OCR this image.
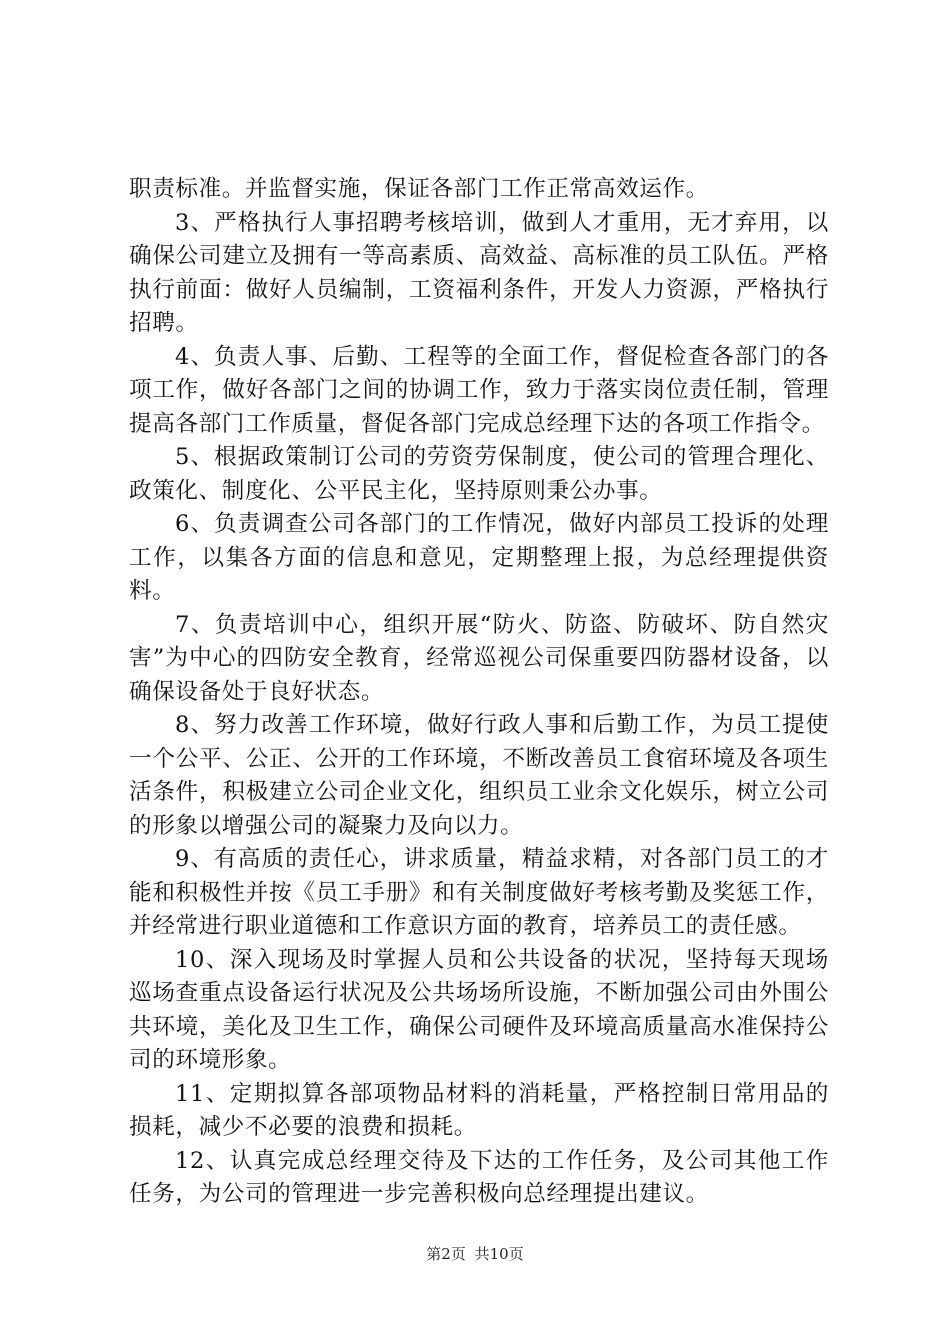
职责标准。并监督实施，保证各部门工作正常高效运作。

3、严格执行人事招聘考核培训，做到人才重用，无才弃用，以确保公司建立及拥有一等高素质、高效益、高标准的员工队伍。严格执行前面：做好人员编制，工资福利条件，开发人力资源，严格执行招聘。

4、负责人事、后勤、工程等的全面工作，督促检查各部门的各项工作，做好各部门之间的协调工作，致力于落实岗位责任制，管理提高各部门工作质量，督促各部门完成总经理下达的各项工作指令。

5、根据政策制订公司的劳资劳保制度，使公司的管理合理化、政策化、制度化、公平民主化，坚持原则秉公办事。

6、负责调查公司各部门的工作情况，做好内部员工投诉的处理工作，以集各方面的信息和意见，定期整理上报，为总经理提供资料。

7、负责培训中心，组织开展“防火、防盗、防破坏、防自然灾害”为中心的四防安全教育，经常巡视公司保重要四防器材设备，以确保设备处于良好状态。

8、努力改善工作环境，做好行政人事和后勤工作，为员工提使一个公平、公正、公开的工作环境，不断改善员工食宿环境及各项生活条件，积极建立公司企业文化，组织员工业余文化娱乐，树立公司的形象以增强公司的凝聚力及向以力。

9、有高质的责任心，讲求质量，精益求精，对各部门员工的才能和积极性并按《员工手册》和有关制度做好考核考勤及奖惩工作，并经常进行职业道德和工作意识方面的教育，培养员工的责任感。

10、深入现场及时掌握人员和公共设备的状况，坚持每天现场巡场查重点设备运行状况及公共场场所设施，不断加强公司由外围公共环境，美化及卫生工作，确保公司硬件及环境高质量高水准保持公司的环境形象。

11、定期拟算各部项物品材料的消耗量，严格控制日常用品的损耗，减少不必要的浪费和损耗。

12、认真完成总经理交待及下达的工作任务，及公司其他工作任务，为公司的管理进一步完善积极向总经理提出建议。

第2页 共10页
